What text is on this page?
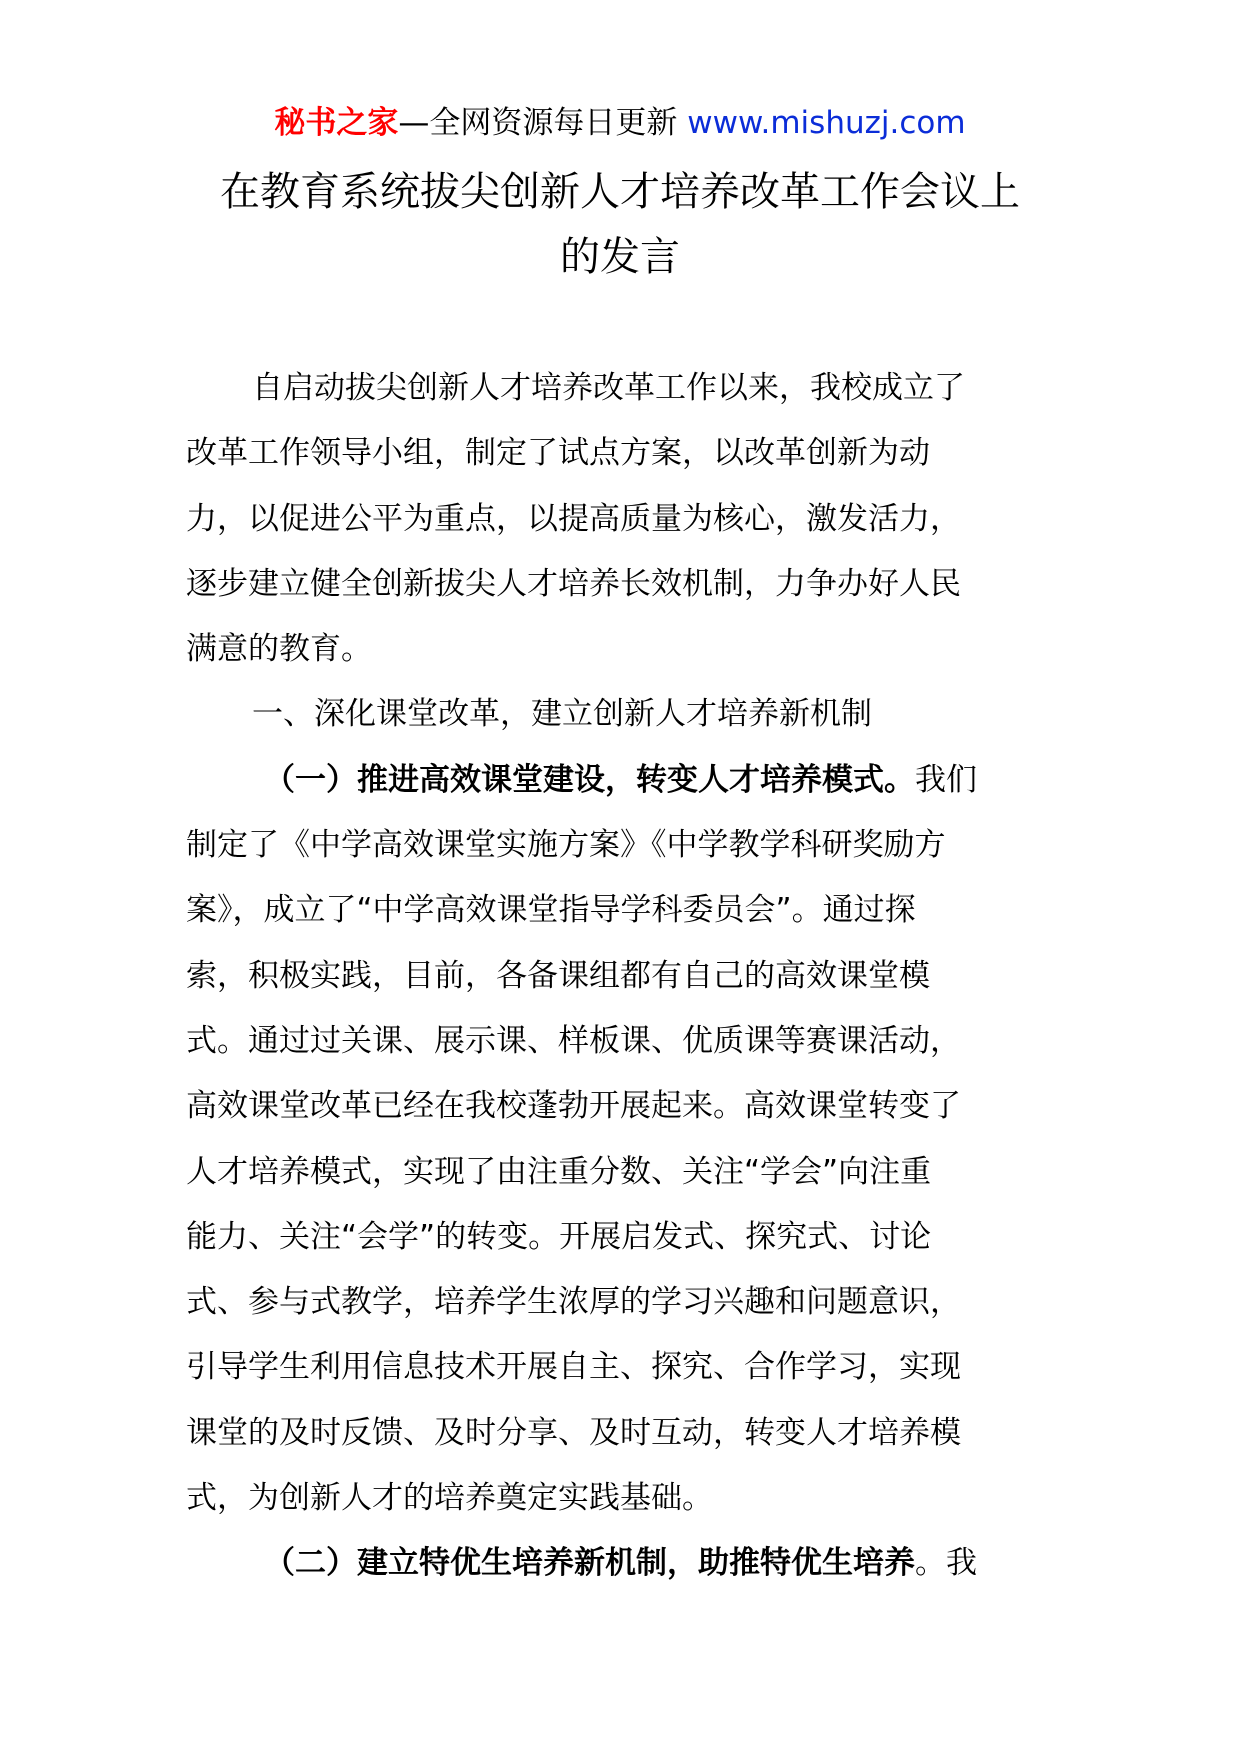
秘书之家—全网资源每日更新 www.mishuzj.com
在教育系统拔尖创新人才培养改革工作会议上
的发言
自启动拔尖创新人才培养改革工作以来，我校成立了
改革工作领导小组，制定了试点方案，以改革创新为动
力，以促进公平为重点，以提高质量为核心，激发活力，
逐步建立健全创新拔尖人才培养长效机制，力争办好人民
满意的教育。
一、深化课堂改革，建立创新人才培养新机制
（一）推进高效课堂建设，转变人才培养模式。我们
制定了《中学高效课堂实施方案》《中学教学科研奖励方
案》，成立了“中学高效课堂指导学科委员会”。通过探
索，积极实践，目前，各备课组都有自己的高效课堂模
式。通过过关课、展示课、样板课、优质课等赛课活动，
高效课堂改革已经在我校蓬勃开展起来。高效课堂转变了
人才培养模式，实现了由注重分数、关注“学会”向注重
能力、关注“会学”的转变。开展启发式、探究式、讨论
式、参与式教学，培养学生浓厚的学习兴趣和问题意识，
引导学生利用信息技术开展自主、探究、合作学习，实现
课堂的及时反馈、及时分享、及时互动，转变人才培养模
式，为创新人才的培养奠定实践基础。
（二）建立特优生培养新机制，助推特优生培养。我
